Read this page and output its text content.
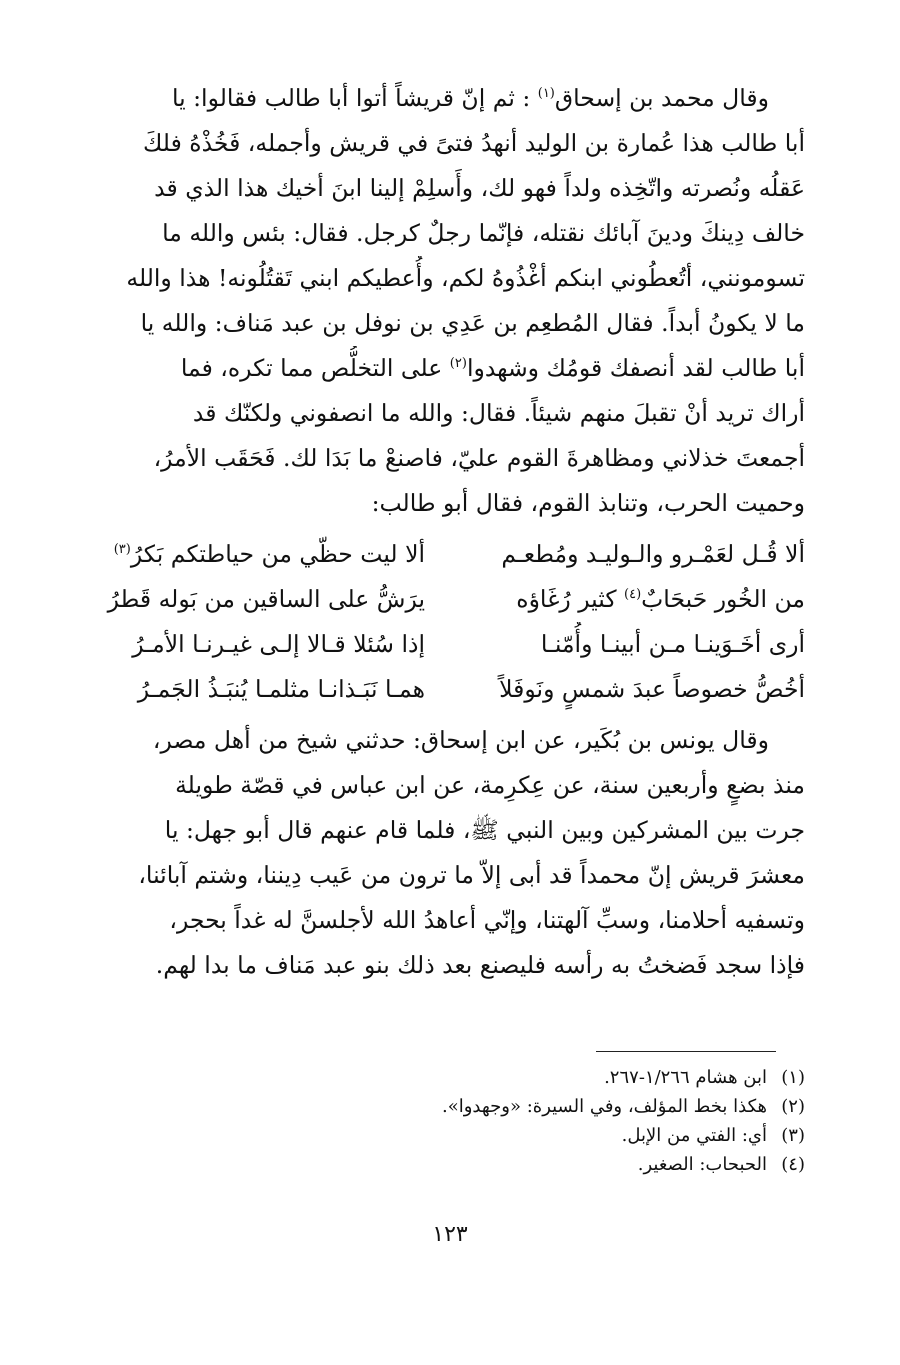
وقال محمد بن إسحاق$^{(١)}$ : ثم إنّ قريشاً أتوا أبا طالب فقالوا: يا
أبا طالب هذا عُمارة بن الوليد أنهدُ فتىً في قريش وأجمله، فَخُذْهُ فلكَ
عَقلُه ونُصرته واتّخِذه ولداً فهو لك، وأَسلِمْ إلينا ابنَ أخيك هذا الذي قد
خالف دِينكَ ودينَ آبائك نقتله، فإنّما رجلٌ كرجل. فقال: بئس والله ما
تسومونني، أتُعطُوني ابنكم أغْذُوهُ لكم، وأُعطيكم ابني تَقتُلُونه! هذا والله
ما لا يكونُ أبداً. فقال المُطعِم بن عَدِي بن نوفل بن عبد مَناف: والله يا
أبا طالب لقد أنصفك قومُك وشهدوا$^{(٢)}$ على التخلُّص مما تكره، فما
أراك تريد أنْ تقبلَ منهم شيئاً. فقال: والله ما انصفوني ولكنّك قد
أجمعتَ خذلاني ومظاهرةَ القوم عليّ، فاصنعْ ما بَدَا لك. فَحَقَب الأمرُ،
وحميت الحرب، وتنابذ القوم، فقال أبو طالب:
ألا قُـل لعَمْـرو والـوليـد ومُطعـم
ألا ليت حظّي من حياطتكم بَكرُ$^{(٣)}$
من الخُور حَبحَابٌ$^{(٤)}$ كثير رُغَاؤه
يرَشُّ على الساقين من بَوله قَطرُ
أرى أخَـوَينـا مـن أبينـا وأُمّنـا
إذا سُئلا قـالا إلـى غيـرنـا الأمـرُ
أخُصُّ خصوصاً عبدَ شمسٍ ونَوفَلاً
همـا نَبَـذانـا مثلمـا يُنبَـذُ الجَمـرُ
وقال يونس بن بُكَير، عن ابن إسحاق: حدثني شيخ من أهل مصر،
منذ بضعٍ وأربعين سنة، عن عِكرِمة، عن ابن عباس في قصّة طويلة
جرت بين المشركين وبين النبي ﷺ، فلما قام عنهم قال أبو جهل: يا
معشرَ قريش إنّ محمداً قد أبى إلاّ ما ترون من عَيب دِيننا، وشتم آبائنا،
وتسفيه أحلامنا، وسبِّ آلهتنا، وإنّي أعاهدُ الله لأجلسنَّ له غداً بحجر،
فإذا سجد فَضختُ به رأسه فليصنع بعد ذلك بنو عبد مَناف ما بدا لهم.
(١)ابن هشام ١/٢٦٦-٢٦٧.
(٢)هكذا بخط المؤلف، وفي السيرة: «وجهدوا».
(٣)أي: الفتي من الإبل.
(٤)الحبحاب: الصغير.
١٢٣
